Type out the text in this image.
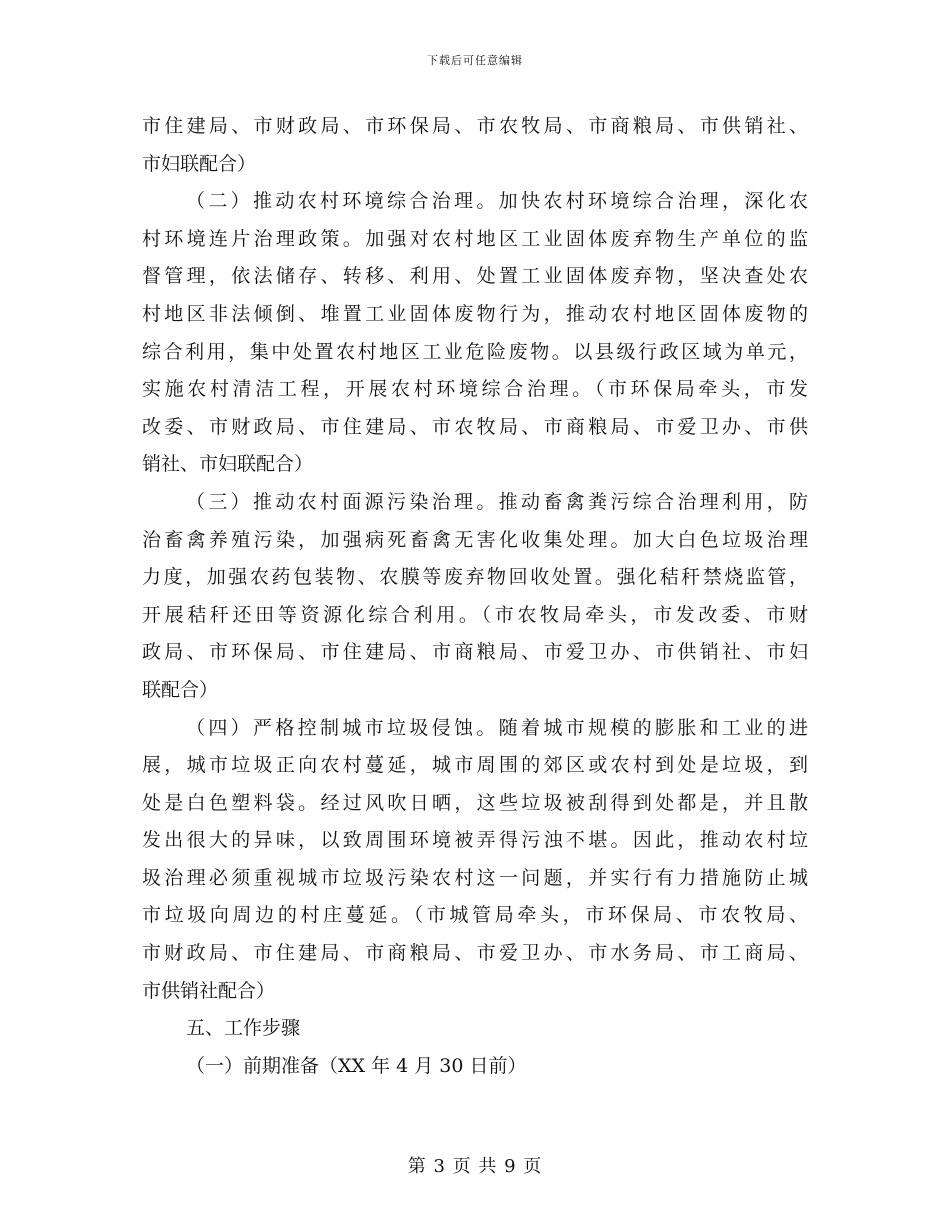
下载后可任意编辑
市住建局、市财政局、市环保局、市农牧局、市商粮局、市供销社、
市妇联配合）
（二）推动农村环境综合治理。加快农村环境综合治理，深化农
村环境连片治理政策。加强对农村地区工业固体废弃物生产单位的监
督管理，依法储存、转移、利用、处置工业固体废弃物，坚决查处农
村地区非法倾倒、堆置工业固体废物行为，推动农村地区固体废物的
综合利用，集中处置农村地区工业危险废物。以县级行政区域为单元，
实施农村清洁工程，开展农村环境综合治理。（市环保局牵头，市发
改委、市财政局、市住建局、市农牧局、市商粮局、市爱卫办、市供
销社、市妇联配合）
（三）推动农村面源污染治理。推动畜禽粪污综合治理利用，防
治畜禽养殖污染，加强病死畜禽无害化收集处理。加大白色垃圾治理
力度，加强农药包装物、农膜等废弃物回收处置。强化秸秆禁烧监管，
开展秸秆还田等资源化综合利用。（市农牧局牵头，市发改委、市财
政局、市环保局、市住建局、市商粮局、市爱卫办、市供销社、市妇
联配合）
（四）严格控制城市垃圾侵蚀。随着城市规模的膨胀和工业的进
展，城市垃圾正向农村蔓延，城市周围的郊区或农村到处是垃圾，到
处是白色塑料袋。经过风吹日晒，这些垃圾被刮得到处都是，并且散
发出很大的异味，以致周围环境被弄得污浊不堪。因此，推动农村垃
圾治理必须重视城市垃圾污染农村这一问题，并实行有力措施防止城
市垃圾向周边的村庄蔓延。（市城管局牵头，市环保局、市农牧局、
市财政局、市住建局、市商粮局、市爱卫办、市水务局、市工商局、
市供销社配合）
五、工作步骤
（一）前期准备（XX 年 4 月 30 日前）
第 3 页 共 9 页
